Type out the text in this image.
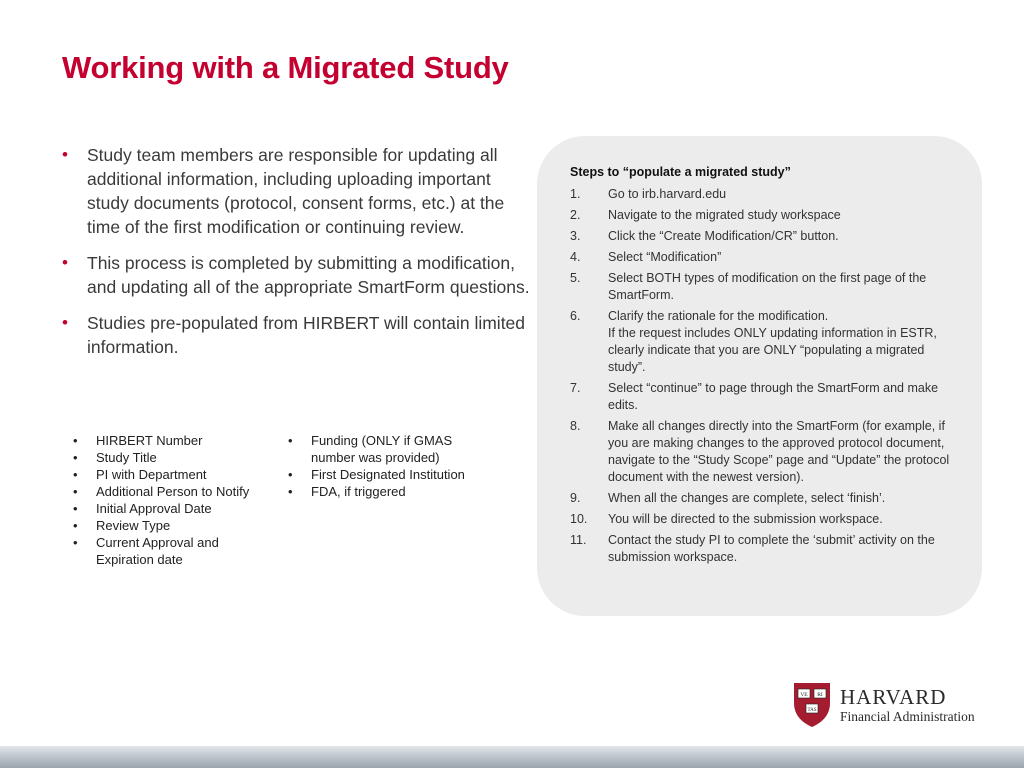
Working with a Migrated Study
• Study team members are responsible for updating all additional information, including uploading important study documents (protocol, consent forms, etc.) at the time of the first modification or continuing review.
• This process is completed by submitting a modification, and updating all of the appropriate SmartForm questions.
• Studies pre-populated from HIRBERT will contain limited information.
• HIRBERT Number
• Study Title
• PI with Department
• Additional Person to Notify
• Initial Approval Date
• Review Type
• Current Approval and Expiration date
• Funding (ONLY if GMAS number was provided)
• First Designated Institution
• FDA, if triggered
Steps to “populate a migrated study”
1.	Go to irb.harvard.edu
2.	Navigate to the migrated study workspace
3.	Click the “Create Modification/CR” button.
4.	Select “Modification”
5.	Select BOTH types of modification on the first page of the SmartForm.
6.	Clarify the rationale for the modification.
If the request includes ONLY updating information in ESTR, clearly indicate that you are ONLY “populating a migrated study”.
7.	Select “continue” to page through the SmartForm and make edits.
8.	Make all changes directly into the SmartForm (for example, if you are making changes to the approved protocol document, navigate to the “Study Scope” page and “Update” the protocol document with the newest version).
9.	When all the changes are complete, select ‘finish’.
10.	You will be directed to the submission workspace.
11.	Contact the study PI to complete the ‘submit’ activity on the submission workspace.
VE RI
TAS
HARVARD
Financial Administration
